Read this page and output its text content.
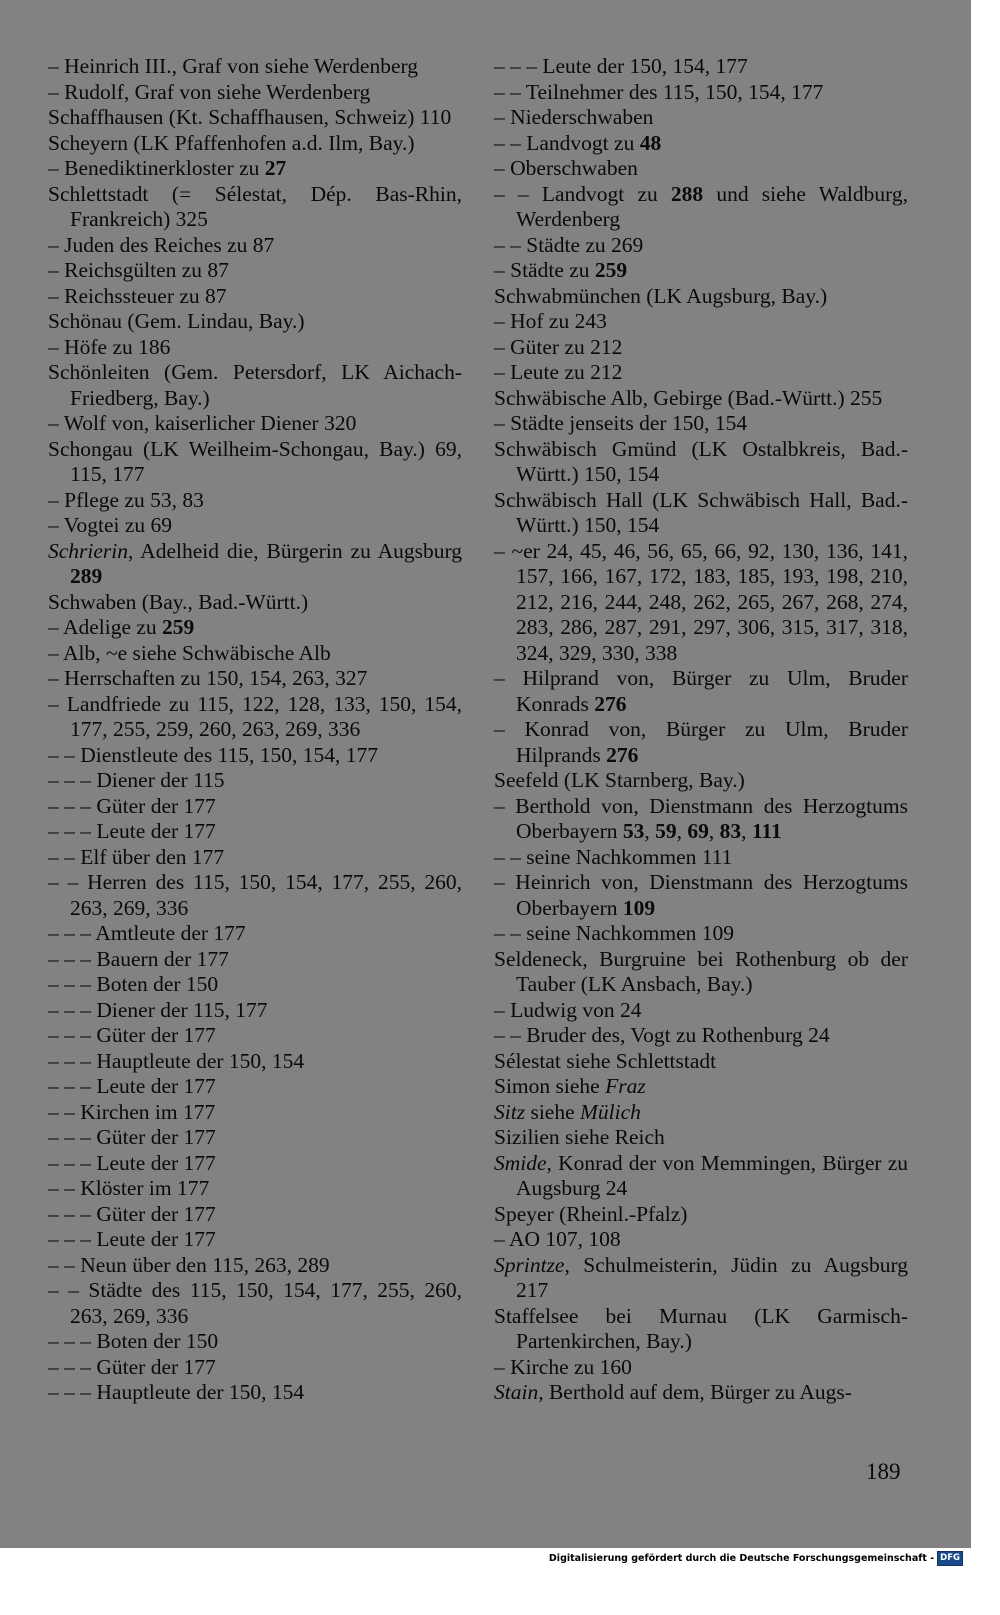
– Heinrich III., Graf von siehe Werdenberg
– Rudolf, Graf von siehe Werdenberg
Schaffhausen (Kt. Schaffhausen, Schweiz) 110
Scheyern (LK Pfaffenhofen a.d. Ilm, Bay.)
– Benediktinerkloster zu 27
Schlettstadt (= Sélestat, Dép. Bas-Rhin, Frankreich) 325
– Juden des Reiches zu 87
– Reichsgülten zu 87
– Reichssteuer zu 87
Schönau (Gem. Lindau, Bay.)
– Höfe zu 186
Schönleiten (Gem. Petersdorf, LK Aichach-Friedberg, Bay.)
– Wolf von, kaiserlicher Diener 320
Schongau (LK Weilheim-Schongau, Bay.) 69, 115, 177
– Pflege zu 53, 83
– Vogtei zu 69
Schrierin, Adelheid die, Bürgerin zu Augsburg 289
Schwaben (Bay., Bad.-Württ.)
– Adelige zu 259
– Alb, ~e siehe Schwäbische Alb
– Herrschaften zu 150, 154, 263, 327
– Landfriede zu 115, 122, 128, 133, 150, 154, 177, 255, 259, 260, 263, 269, 336
– – Dienstleute des 115, 150, 154, 177
– – – Diener der 115
– – – Güter der 177
– – – Leute der 177
– – Elf über den 177
– – Herren des 115, 150, 154, 177, 255, 260, 263, 269, 336
– – – Amtleute der 177
– – – Bauern der 177
– – – Boten der 150
– – – Diener der 115, 177
– – – Güter der 177
– – – Hauptleute der 150, 154
– – – Leute der 177
– – Kirchen im 177
– – – Güter der 177
– – – Leute der 177
– – Klöster im 177
– – – Güter der 177
– – – Leute der 177
– – Neun über den 115, 263, 289
– – Städte des 115, 150, 154, 177, 255, 260, 263, 269, 336
– – – Boten der 150
– – – Güter der 177
– – – Hauptleute der 150, 154
– – – Leute der 150, 154, 177
– – Teilnehmer des 115, 150, 154, 177
– Niederschwaben
– – Landvogt zu 48
– Oberschwaben
– – Landvogt zu 288 und siehe Waldburg, Werdenberg
– – Städte zu 269
– Städte zu 259
Schwabmünchen (LK Augsburg, Bay.)
– Hof zu 243
– Güter zu 212
– Leute zu 212
Schwäbische Alb, Gebirge (Bad.-Württ.) 255
– Städte jenseits der 150, 154
Schwäbisch Gmünd (LK Ostalbkreis, Bad.-Württ.) 150, 154
Schwäbisch Hall (LK Schwäbisch Hall, Bad.-Württ.) 150, 154
– ~er 24, 45, 46, 56, 65, 66, 92, 130, 136, 141, 157, 166, 167, 172, 183, 185, 193, 198, 210, 212, 216, 244, 248, 262, 265, 267, 268, 274, 283, 286, 287, 291, 297, 306, 315, 317, 318, 324, 329, 330, 338
– Hilprand von, Bürger zu Ulm, Bruder Konrads 276
– Konrad von, Bürger zu Ulm, Bruder Hilprands 276
Seefeld (LK Starnberg, Bay.)
– Berthold von, Dienstmann des Herzogtums Oberbayern 53, 59, 69, 83, 111
– – seine Nachkommen 111
– Heinrich von, Dienstmann des Herzogtums Oberbayern 109
– – seine Nachkommen 109
Seldeneck, Burgruine bei Rothenburg ob der Tauber (LK Ansbach, Bay.)
– Ludwig von 24
– – Bruder des, Vogt zu Rothenburg 24
Sélestat siehe Schlettstadt
Simon siehe Fraz
Sitz siehe Mülich
Sizilien siehe Reich
Smide, Konrad der von Memmingen, Bürger zu Augsburg 24
Speyer (Rheinl.-Pfalz)
– AO 107, 108
Sprintze, Schulmeisterin, Jüdin zu Augsburg 217
Staffelsee bei Murnau (LK Garmisch-Partenkirchen, Bay.)
– Kirche zu 160
Stain, Berthold auf dem, Bürger zu Augs-
189
Digitalisierung gefördert durch die Deutsche Forschungsgemeinschaft - DFG
